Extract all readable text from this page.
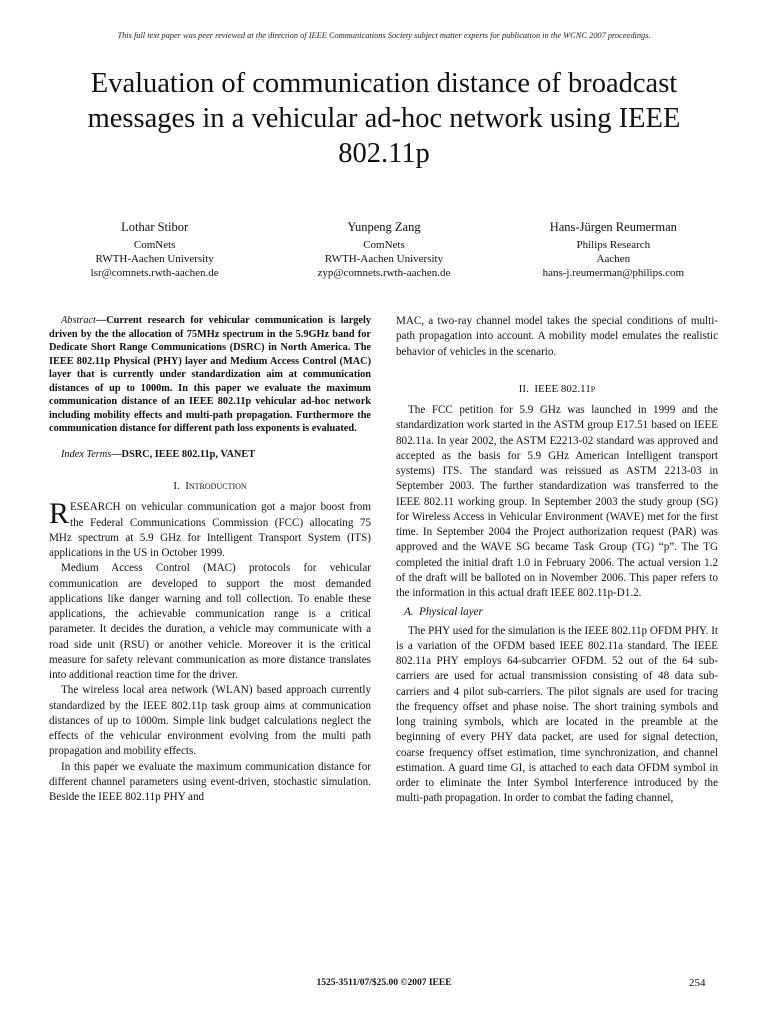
This full text paper was peer reviewed at the direction of IEEE Communications Society subject matter experts for publication in the WCNC 2007 proceedings.
Evaluation of communication distance of broadcast messages in a vehicular ad-hoc network using IEEE 802.11p
Lothar Stibor
ComNets
RWTH-Aachen University
lsr@comnets.rwth-aachen.de
Yunpeng Zang
ComNets
RWTH-Aachen University
zyp@comnets.rwth-aachen.de
Hans-Jürgen Reumerman
Philips Research
Aachen
hans-j.reumerman@philips.com

Abstract—Current research for vehicular communication is largely driven by the the allocation of 75MHz spectrum in the 5.9GHz band for Dedicate Short Range Communications (DSRC) in North America. The IEEE 802.11p Physical (PHY) layer and Medium Access Control (MAC) layer that is currently under standardization aim at communication distances of up to 1000m. In this paper we evaluate the maximum communication distance of an IEEE 802.11p vehicular ad-hoc network including mobility effects and multi-path propagation. Furthermore the communication distance for different path loss exponents is evaluated.

Index Terms—DSRC, IEEE 802.11p, VANET

I. Introduction

RESEARCH on vehicular communication got a major boost from the Federal Communications Commission (FCC) allocating 75 MHz spectrum at 5.9 GHz for Intelligent Transport System (ITS) applications in the US in October 1999.

Medium Access Control (MAC) protocols for vehicular communication are developed to support the most demanded applications like danger warning and toll collection. To enable these applications, the achievable communication range is a critical parameter. It decides the duration, a vehicle may communicate with a road side unit (RSU) or another vehicle. Moreover it is the critical measure for safety relevant communication as more distance translates into additional reaction time for the driver.

The wireless local area network (WLAN) based approach currently standardized by the IEEE 802.11p task group aims at communication distances of up to 1000m. Simple link budget calculations neglect the effects of the vehicular environment evolving from the multi path propagation and mobility effects.

In this paper we evaluate the maximum communication distance for different channel parameters using event-driven, stochastic simulation. Beside the IEEE 802.11p PHY and

MAC, a two-ray channel model takes the special conditions of multi-path propagation into account. A mobility model emulates the realistic behavior of vehicles in the scenario.

II. IEEE 802.11p

The FCC petition for 5.9 GHz was launched in 1999 and the standardization work started in the ASTM group E17.51 based on IEEE 802.11a. In year 2002, the ASTM E2213-02 standard was approved and accepted as the basis for 5.9 GHz American Intelligent transport systems) ITS. The standard was reissued as ASTM 2213-03 in September 2003. The further standardization was transferred to the IEEE 802.11 working group. In September 2003 the study group (SG) for Wireless Access in Vehicular Environment (WAVE) met for the first time. In September 2004 the Project authorization request (PAR) was approved and the WAVE SG became Task Group (TG) “p”. The TG completed the initial draft 1.0 in February 2006. The actual version 1.2 of the draft will be balloted on in November 2006. This paper refers to the information in this actual draft IEEE 802.11p-D1.2.

A. Physical layer

The PHY used for the simulation is the IEEE 802.11p OFDM PHY. It is a variation of the OFDM based IEEE 802.11a standard. The IEEE 802.11a PHY employs 64-subcarrier OFDM. 52 out of the 64 sub-carriers are used for actual transmission consisting of 48 data sub-carriers and 4 pilot sub-carriers. The pilot signals are used for tracing the frequency offset and phase noise. The short training symbols and long training symbols, which are located in the preamble at the beginning of every PHY data packet, are used for signal detection, coarse frequency offset estimation, time synchronization, and channel estimation. A guard time GI, is attached to each data OFDM symbol in order to eliminate the Inter Symbol Interference introduced by the multi-path propagation. In order to combat the fading channel,

1525-3511/07/$25.00 ©2007 IEEE	254
